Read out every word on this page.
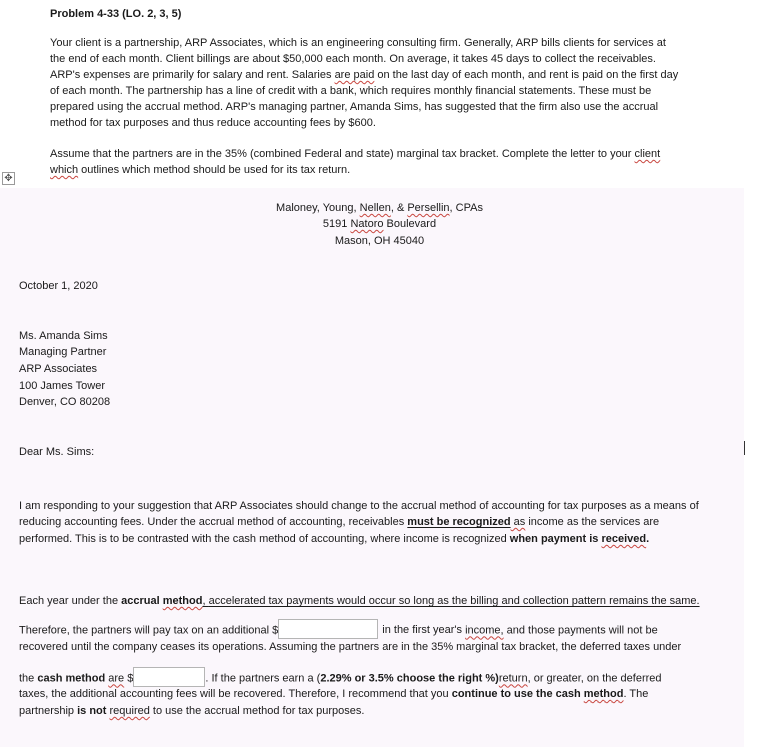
Problem 4-33 (LO. 2, 3, 5)
Your client is a partnership, ARP Associates, which is an engineering consulting firm. Generally, ARP bills clients for services at
the end of each month. Client billings are about $50,000 each month. On average, it takes 45 days to collect the receivables.
ARP's expenses are primarily for salary and rent. Salaries are paid on the last day of each month, and rent is paid on the first day
of each month. The partnership has a line of credit with a bank, which requires monthly financial statements. These must be
prepared using the accrual method. ARP's managing partner, Amanda Sims, has suggested that the firm also use the accrual
method for tax purposes and thus reduce accounting fees by $600.
Assume that the partners are in the 35% (combined Federal and state) marginal tax bracket. Complete the letter to your client
which outlines which method should be used for its tax return.
✥
Maloney, Young, Nellen, & Persellin, CPAs
5191 Natoro Boulevard
Mason, OH 45040
October 1, 2020
Ms. Amanda Sims
Managing Partner
ARP Associates
100 James Tower
Denver, CO 80208
Dear Ms. Sims:
I am responding to your suggestion that ARP Associates should change to the accrual method of accounting for tax purposes as a means of
reducing accounting fees. Under the accrual method of accounting, receivables must be recognized as income as the services are
performed. This is to be contrasted with the cash method of accounting, where income is recognized when payment is received.
Each year under the accrual method, accelerated tax payments would occur so long as the billing and collection pattern remains the same.
Therefore, the partners will pay tax on an additional $	in the first year's income, and those payments will not be
recovered until the company ceases its operations. Assuming the partners are in the 35% marginal tax bracket, the deferred taxes under
the cash method are $	. If the partners earn a (2.29% or 3.5% choose the right %)return, or greater, on the deferred
taxes, the additional accounting fees will be recovered. Therefore, I recommend that you continue to use the cash method. The
partnership is not required to use the accrual method for tax purposes.
